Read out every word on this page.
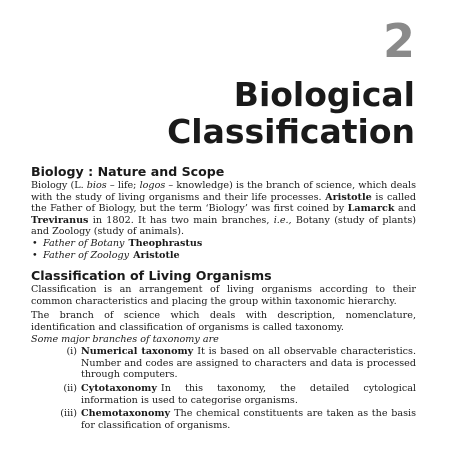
2
Biological
Classification
Biology : Nature and Scope

Biology (L. bios – life; logos – knowledge) is the branch of science, which deals with the study of living organisms and their life processes. Aristotle is called the Father of Biology, but the term ‘Biology’ was first coined by Lamarck and Treviranus in 1802. It has two main branches, i.e., Botany (study of plants) and Zoology (study of animals).

• Father of Botany Theophrastus
• Father of Zoology Aristotle
Classification of Living Organisms

Classification is an arrangement of living organisms according to their common characteristics and placing the group within taxonomic hierarchy.

The branch of science which deals with description, nomenclature, identification and classification of organisms is called taxonomy.
Some major branches of taxonomy are

(i) Numerical taxonomy It is based on all observable characteristics. Number and codes are assigned to characters and data is processed through computers.
(ii) Cytotaxonomy In this taxonomy, the detailed cytological information is used to categorise organisms.
(iii) Chemotaxonomy The chemical constituents are taken as the basis for classification of organisms.
